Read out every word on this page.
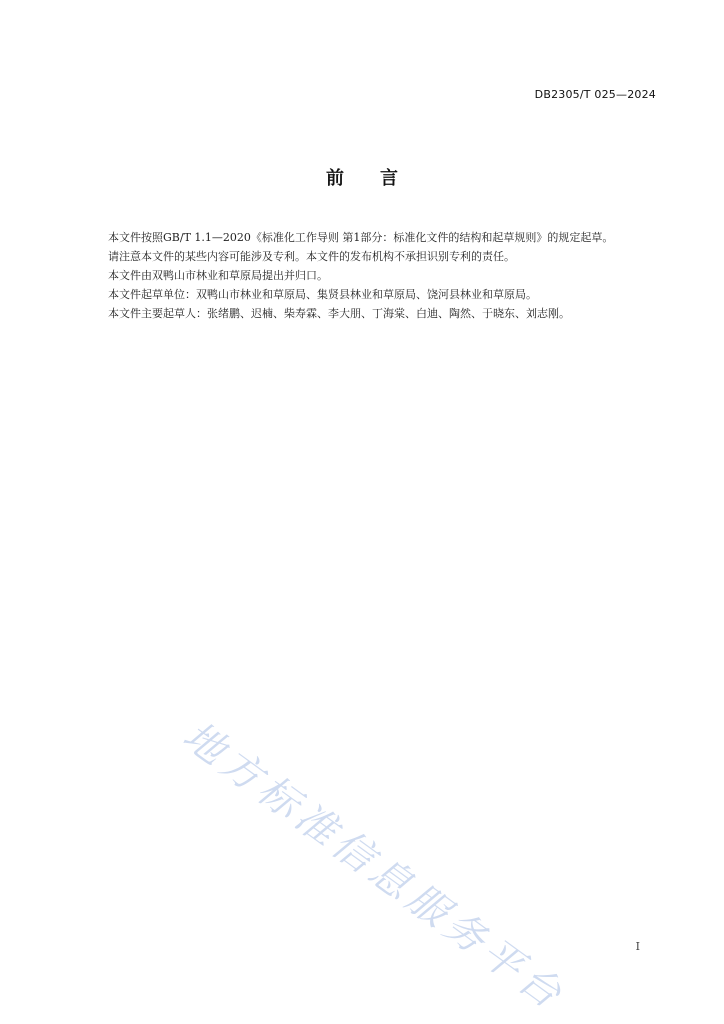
DB2305/T 025—2024
前 言

本文件按照GB/T 1.1—2020《标准化工作导则 第1部分：标准化文件的结构和起草规则》的规定起草。

请注意本文件的某些内容可能涉及专利。本文件的发布机构不承担识别专利的责任。

本文件由双鸭山市林业和草原局提出并归口。

本文件起草单位：双鸭山市林业和草原局、集贤县林业和草原局、饶河县林业和草原局。

本文件主要起草人：张绪鹏、迟楠、柴寿霖、李大朋、丁海棠、白迪、陶然、于晓东、刘志刚。

地方标准信息服务平台	I
